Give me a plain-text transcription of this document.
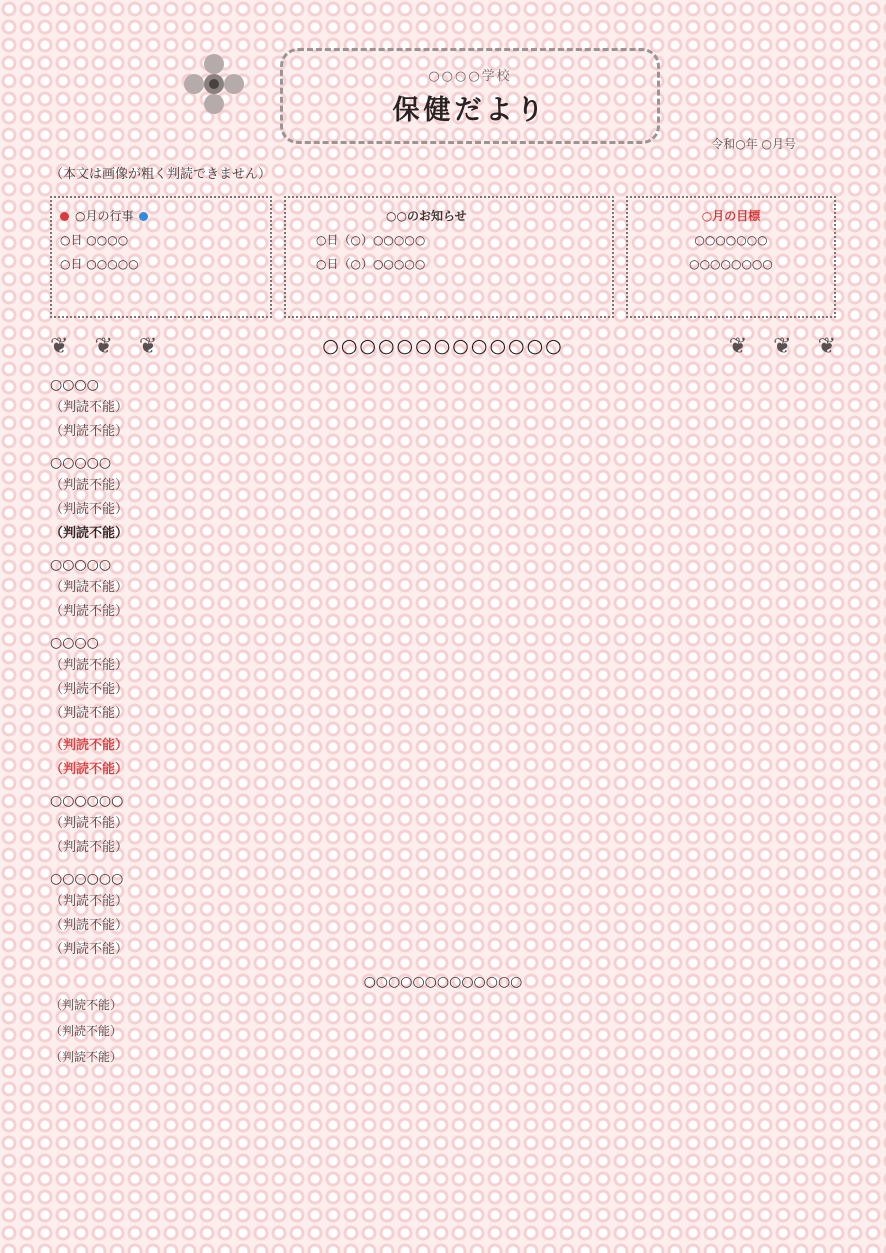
○○○○学校
保健だより
令和○年 ○月号
（本文は画像が粗く判読できません）
○月の行事
○日 ○○○○
○日 ○○○○○
○○のお知らせ
○日（○）○○○○○
○日（○）○○○○○
○月の目標
○○○○○○○
○○○○○○○○
❦ ❦ ❦	○○○○○○○○○○○○○	❦ ❦ ❦
○○○○
（判読不能）
（判読不能）
○○○○○
（判読不能）
（判読不能）
（判読不能）
○○○○○
（判読不能）
（判読不能）
○○○○
（判読不能）
（判読不能）
（判読不能）
（判読不能）
（判読不能）
○○○○○○
（判読不能）
（判読不能）
○○○○○○
（判読不能）
（判読不能）
（判読不能）
○○○○○○○○○○○○○
（判読不能）
（判読不能）
（判読不能）
